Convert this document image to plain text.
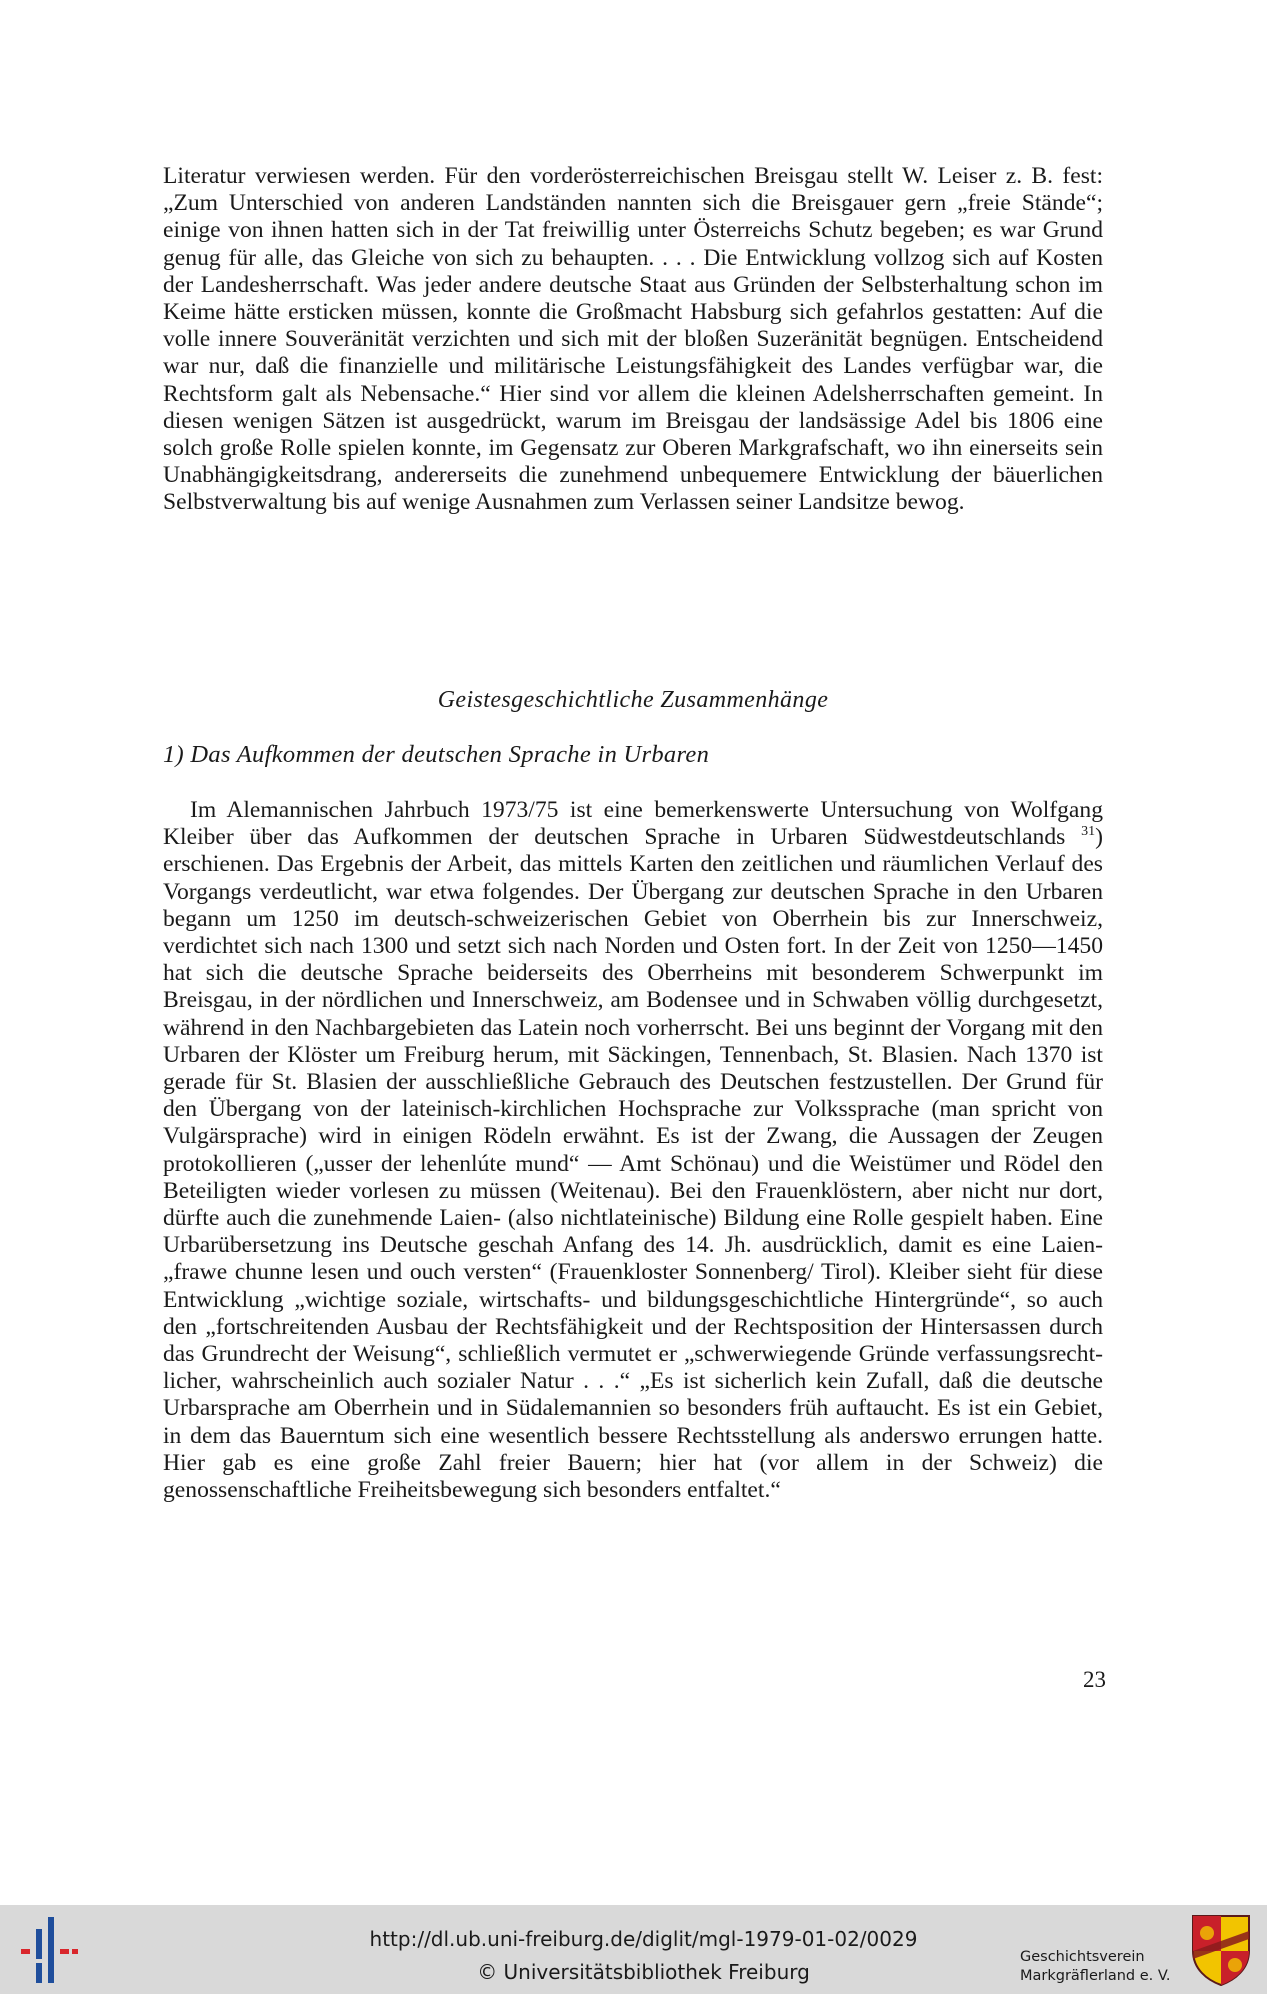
Literatur verwiesen werden. Für den vorderösterreichischen Breisgau stellt W. Leiser z. B. fest: „Zum Unterschied von anderen Landständen nannten sich die Breisgauer gern „freie Stände“; einige von ihnen hatten sich in der Tat freiwillig unter Österreichs Schutz begeben; es war Grund genug für alle, das Gleiche von sich zu behaupten. . . . Die Entwicklung vollzog sich auf Kosten der Landesherrschaft. Was jeder andere deutsche Staat aus Gründen der Selbsterhaltung schon im Keime hätte ersticken müssen, konnte die Großmacht Habsburg sich gefahrlos gestatten: Auf die volle innere Souveränität verzichten und sich mit der bloßen Suzeränität begnügen. Entscheidend war nur, daß die finanzielle und militärische Leistungsfähigkeit des Landes verfügbar war, die Rechtsform galt als Nebensache.“ Hier sind vor allem die kleinen Adelsherrschaften gemeint. In diesen wenigen Sätzen ist ausgedrückt, warum im Breisgau der landsässige Adel bis 1806 eine solch große Rolle spielen konnte, im Gegensatz zur Oberen Markgrafschaft, wo ihn einerseits sein Unabhängigkeitsdrang, andererseits die zunehmend unbequemere Entwicklung der bäuerlichen Selbstverwaltung bis auf wenige Ausnahmen zum Verlassen seiner Landsitze bewog.

Geistesgeschichtliche Zusammenhänge
1) Das Aufkommen der deutschen Sprache in Urbaren

Im Alemannischen Jahrbuch 1973/75 ist eine bemerkenswerte Untersuchung von Wolfgang Kleiber über das Aufkommen der deutschen Sprache in Urbaren Südwestdeutschlands $^{31}$) erschienen. Das Ergebnis der Arbeit, das mittels Karten den zeitlichen und räumlichen Verlauf des Vorgangs verdeutlicht, war etwa folgendes. Der Übergang zur deutschen Sprache in den Urbaren begann um 1250 im deutsch-schweizerischen Gebiet von Oberrhein bis zur Innerschweiz, verdichtet sich nach 1300 und setzt sich nach Norden und Osten fort. In der Zeit von 1250—1450 hat sich die deutsche Sprache beiderseits des Oberrheins mit besonderem Schwerpunkt im Breisgau, in der nördlichen und Innerschweiz, am Bodensee und in Schwaben völlig durchgesetzt, während in den Nachbargebieten das Latein noch vorherrscht. Bei uns beginnt der Vorgang mit den Urbaren der Klöster um Freiburg herum, mit Säckingen, Tennenbach, St. Blasien. Nach 1370 ist gerade für St. Blasien der ausschließliche Gebrauch des Deutschen festzustellen. Der Grund für den Übergang von der lateinisch-kirchlichen Hochsprache zur Volkssprache (man spricht von Vulgärsprache) wird in einigen Rödeln erwähnt. Es ist der Zwang, die Aussagen der Zeugen protokollieren („usser der lehenlúte mund“ — Amt Schönau) und die Weistümer und Rödel den Beteiligten wieder vorlesen zu müssen (Weitenau). Bei den Frauenklöstern, aber nicht nur dort, dürfte auch die zunehmende Laien- (also nichtlateinische) Bildung eine Rolle gespielt haben. Eine Urbarübersetzung ins Deutsche geschah Anfang des 14. Jh. ausdrücklich, damit es eine Laien-„frawe chunne lesen und ouch versten“ (Frauenkloster Sonnenberg/ Tirol). Kleiber sieht für diese Entwicklung „wichtige soziale, wirtschafts- und bildungsgeschichtliche Hintergründe“, so auch den „fortschreitenden Ausbau der Rechtsfähigkeit und der Rechtsposition der Hintersassen durch das Grundrecht der Weisung“, schließlich vermutet er „schwerwiegende Gründe verfassungsrechtlicher, wahrscheinlich auch sozialer Natur . . .“ „Es ist sicherlich kein Zufall, daß die deutsche Urbarsprache am Oberrhein und in Südalemannien so besonders früh auftaucht. Es ist ein Gebiet, in dem das Bauerntum sich eine wesentlich bessere Rechtsstellung als anderswo errungen hatte. Hier gab es eine große Zahl freier Bauern; hier hat (vor allem in der Schweiz) die genossenschaftliche Freiheitsbewegung sich besonders entfaltet.“

23
http://dl.ub.uni-freiburg.de/diglit/mgl-1979-01-02/0029
© Universitätsbibliothek Freiburg
Geschichtsverein
Markgräflerland e. V.
